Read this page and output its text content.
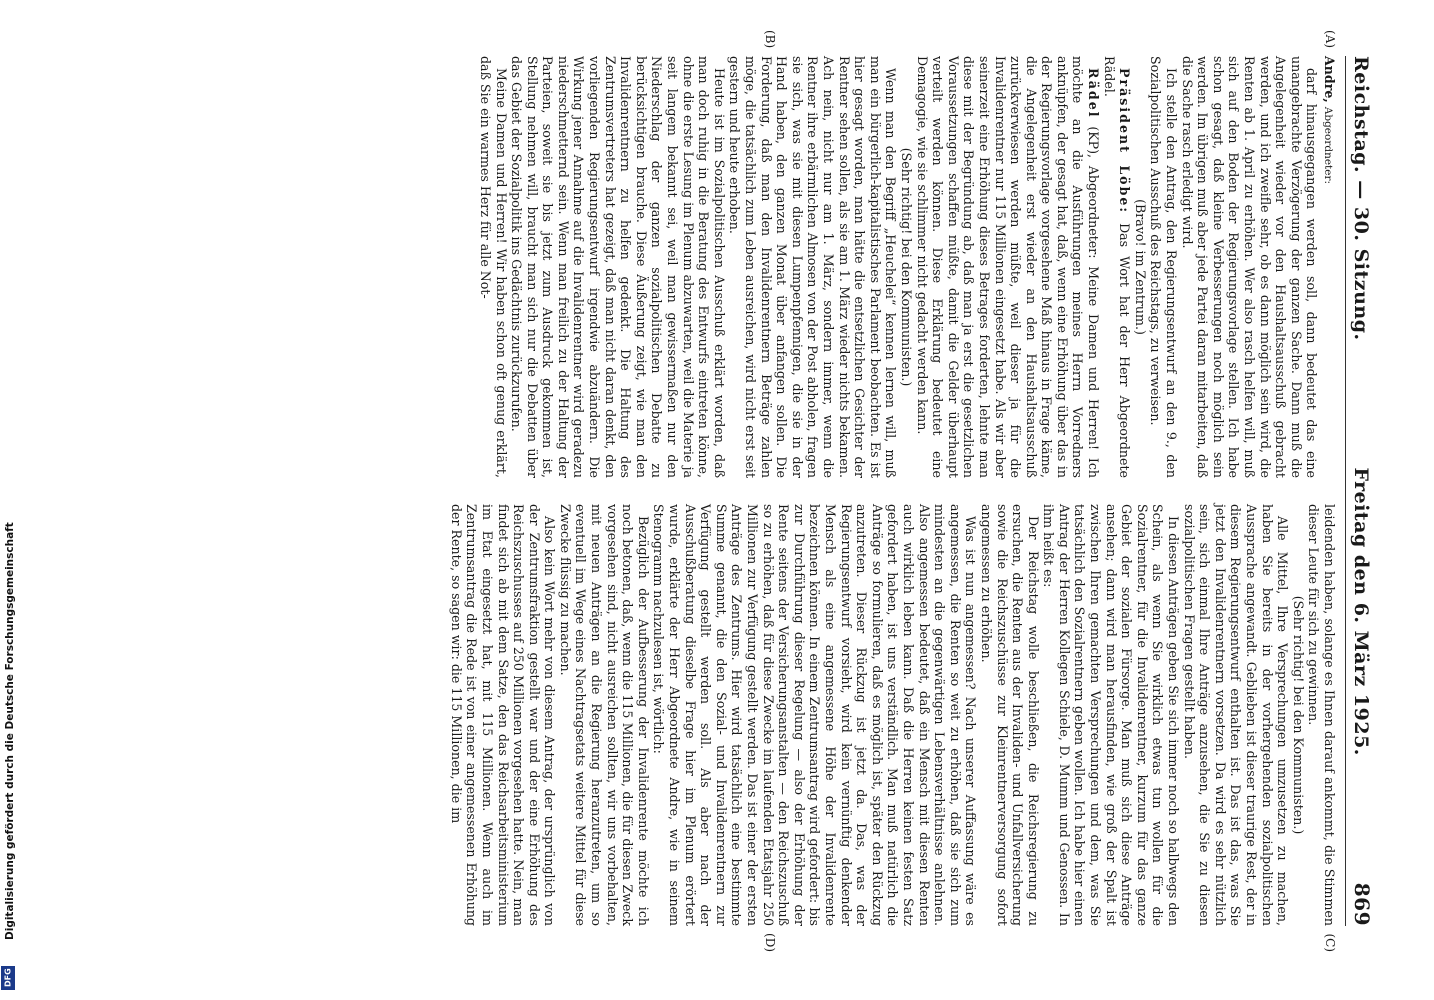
Reichstag. — 30. Sitzung.
Freitag den 6. März 1925.
869
(A)
(B)

Andre, Abgeordneter:

darf hinausgegangen werden soll, dann bedeutet das eine unangebrachte Verzögerung der ganzen Sache. Dann muß die Angelegenheit wieder vor den Haushaltsausschuß gebracht werden, und ich zweifle sehr, ob es dann möglich sein wird, die Renten ab 1. April zu erhöhen. Wer also rasch helfen will, muß sich auf den Boden der Regierungsvorlage stellen. Ich habe schon gesagt, daß kleine Verbesserungen noch möglich sein werden. Im übrigen muß aber jede Partei daran mitarbeiten, daß die Sache rasch erledigt wird.

Ich stelle den Antrag, den Regierungsentwurf an den 9., den Sozialpolitischen Ausschuß des Reichstags, zu verweisen.

(Bravo! im Zentrum.)

Präsident Löbe: Das Wort hat der Herr Abgeordnete Rädel.

Rädel (KP), Abgeordneter: Meine Damen und Herren! Ich möchte an die Ausführungen meines Herrn Vorredners anknüpfen, der gesagt hat, daß, wenn eine Erhöhung über das in der Regierungsvorlage vorgesehene Maß hinaus in Frage käme, die Angelegenheit erst wieder an den Haushaltsausschuß zurückverwiesen werden müßte, weil dieser ja für die Invalidenrentner nur 115 Millionen eingesetzt habe. Als wir aber seinerzeit eine Erhöhung dieses Betrages forderten, lehnte man diese mit der Begründung ab, daß man ja erst die gesetzlichen Voraussetzungen schaffen müßte, damit die Gelder überhaupt verteilt werden können. Diese Erklärung bedeutet eine Demagogie, wie sie schlimmer nicht gedacht werden kann.

(Sehr richtig! bei den Kommunisten.)

Wenn man den Begriff „Heuchelei“ kennen lernen will, muß man ein bürgerlich-kapitalistisches Parlament beobachten. Es ist hier gesagt worden, man hätte die entsetzlichen Gesichter der Rentner sehen sollen, als sie am 1. März wieder nichts bekamen. Ach nein, nicht nur am 1. März, sondern immer, wenn die Rentner ihre erbärmlichen Almosen von der Post abholen, fragen sie sich, was sie mit diesen Lumpenpfennigen, die sie in der Hand haben, den ganzen Monat über anfangen sollen. Die Forderung, daß man den Invalidenrentnern Beträge zahlen möge, die tatsächlich zum Leben ausreichen, wird nicht erst seit gestern und heute erhoben.

Heute ist im Sozialpolitischen Ausschuß erklärt worden, daß man doch ruhig in die Beratung des Entwurfs eintreten könne, ohne die erste Lesung im Plenum abzuwarten, weil die Materie ja seit langem bekannt sei, weil man gewissermaßen nur den Niederschlag der ganzen sozialpolitischen Debatte zu berücksichtigen brauche. Diese Äußerung zeigt, wie man den Invalidenrentnern zu helfen gedenkt. Die Haltung des Zentrumsvertreters hat gezeigt, daß man nicht daran denkt, den vorliegenden Regierungsentwurf irgendwie abzuändern. Die Wirkung jener Annahme auf die Invalidenrentner wird geradezu niederschmetternd sein. Wenn man freilich zu der Haltung der Parteien, soweit sie bis jetzt zum Ausdruck gekommen ist, Stellung nehmen will, braucht man sich nur die Debatten über das Gebiet der Sozialpolitik ins Gedächtnis zurückzurufen.

Meine Damen und Herren! Wir haben schon oft genug erklärt, daß Sie ein warmes Herz für alle Not-

(C)
(D)

leidenden haben, solange es Ihnen darauf ankommt, die Stimmen dieser Leute für sich zu gewinnen.

(Sehr richtig! bei den Kommunisten.)

Alle Mittel, Ihre Versprechungen umzusetzen zu machen, haben Sie bereits in der vorhergehenden sozialpolitischen Aussprache angewandt. Geblieben ist dieser traurige Rest, der in diesem Regierungsentwurf enthalten ist. Das ist das, was Sie jetzt den Invalidenrentnern vorsetzen. Da wird es sehr nützlich sein, sich einmal Ihre Anträge anzusehen, die Sie zu diesen sozialpolitischen Fragen gestellt haben.

In diesen Anträgen geben Sie sich immer noch so halbwegs den Schein, als wenn Sie wirklich etwas tun wollen für die Sozialrentner, für die Invalidenrentner, kurzum für das ganze Gebiet der sozialen Fürsorge. Man muß sich diese Anträge ansehen; dann wird man herausfinden, wie groß der Spalt ist zwischen Ihren gemachten Versprechungen und dem, was Sie tatsächlich den Sozialrentnern geben wollen. Ich habe hier einen Antrag der Herren Kollegen Schiele, D. Mumm und Genossen. In ihm heißt es:

Der Reichstag wolle beschließen, die Reichsregierung zu ersuchen, die Renten aus der Invaliden- und Unfallversicherung sowie die Reichszuschüsse zur Kleinrentnerversorgung sofort angemessen zu erhöhen.

Was ist nun angemessen? Nach unserer Auffassung wäre es angemessen, die Renten so weit zu erhöhen, daß sie sich zum mindesten an die gegenwärtigen Lebensverhältnisse anlehnen. Also angemessen bedeutet, daß ein Mensch mit diesen Renten auch wirklich leben kann. Daß die Herren keinen festen Satz gefordert haben, ist uns verständlich. Man muß natürlich die Anträge so formulieren, daß es möglich ist, später den Rückzug anzutreten. Dieser Rückzug ist jetzt da. Das, was der Regierungsentwurf vorsieht, wird kein vernünftig denkender Mensch als eine angemessene Höhe der Invalidenrente bezeichnen können. In einem Zentrumsantrag wird gefordert: bis zur Durchführung dieser Regelung — also der Erhöhung der Rente seitens der Versicherungsanstalten — den Reichszuschuß so zu erhöhen, daß für diese Zwecke im laufenden Etatsjahr 250 Millionen zur Verfügung gestellt werden. Das ist einer der ersten Anträge des Zentrums. Hier wird tatsächlich eine bestimmte Summe genannt, die den Sozial- und Invalidenrentnern zur Verfügung gestellt werden soll. Als aber nach der Ausschußberatung dieselbe Frage hier im Plenum erörtert wurde, erklärte der Herr Abgeordnete Andre, wie in seinem Stenogramm nachzulesen ist, wörtlich:

Bezüglich der Aufbesserung der Invalidenrente möchte ich noch betonen, daß, wenn die 115 Millionen, die für diesen Zweck vorgesehen sind, nicht ausreichen sollten, wir uns vorbehalten, mit neuen Anträgen an die Regierung heranzutreten, um so eventuell im Wege eines Nachtragsetats weitere Mittel für diese Zwecke flüssig zu machen.

Also kein Wort mehr von diesem Antrag, der ursprünglich von der Zentrumsfraktion gestellt war und der eine Erhöhung des Reichszuschusses auf 250 Millionen vorgesehen hatte. Nein, man findet sich ab mit dem Satze, den das Reichsarbeitsministerium im Etat eingesetzt hat, mit 115 Millionen. Wenn auch im Zentrumsantrag die Rede ist von einer angemessenen Erhöhung der Rente, so sagen wir: die 115 Millionen, die im

Digitalisierung gefördert durch die Deutsche Forschungsgemeinschaft
DFG
